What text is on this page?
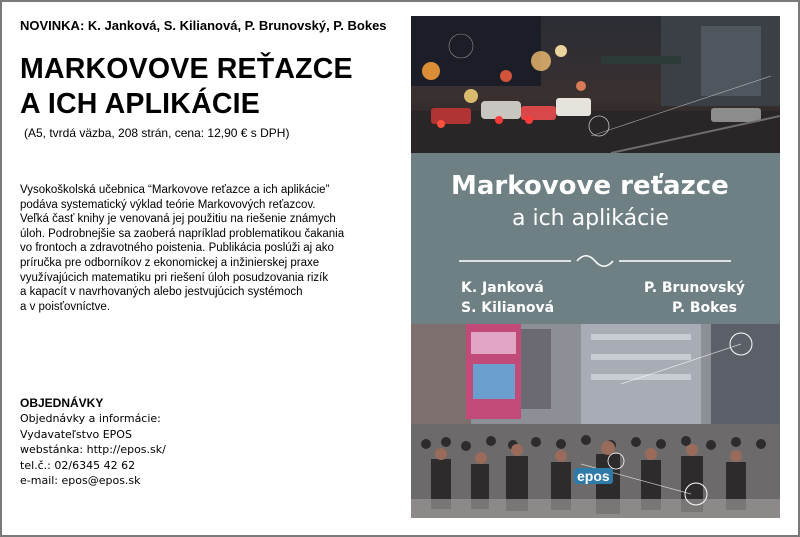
NOVINKA: K. Janková, S. Kilianová, P. Brunovský, P. Bokes
MARKOVOVE REŤAZCE
A ICH APLIKÁCIE
(A5, tvrdá väzba, 208 strán, cena: 12,90 € s DPH)
Vysokoškolská učebnica “Markovove reťazce a ich aplikácie”
podáva systematický výklad teórie Markovových reťazcov.
Veľká časť knihy je venovaná jej použitiu na riešenie známych
úloh. Podrobnejšie sa zaoberá napríklad problematikou čakania
vo frontoch a zdravotného poistenia. Publikácia poslúži aj ako
príručka pre odborníkov z ekonomickej a inžinierskej praxe
využívajúcich matematiku pri riešení úloh posudzovania rizík
a kapacít v navrhovaných alebo jestvujúcich systémoch
a v poisťovníctve.
OBJEDNÁVKY
Objednávky a informácie:
Vydavateľstvo EPOS
webstánka: http://epos.sk/
tel.č.: 02/6345 42 62
e-mail: epos@epos.sk
Markovove reťazce
a ich aplikácie
K. Janková
S. Kilianová
P. Brunovský
P. Bokes
epos
